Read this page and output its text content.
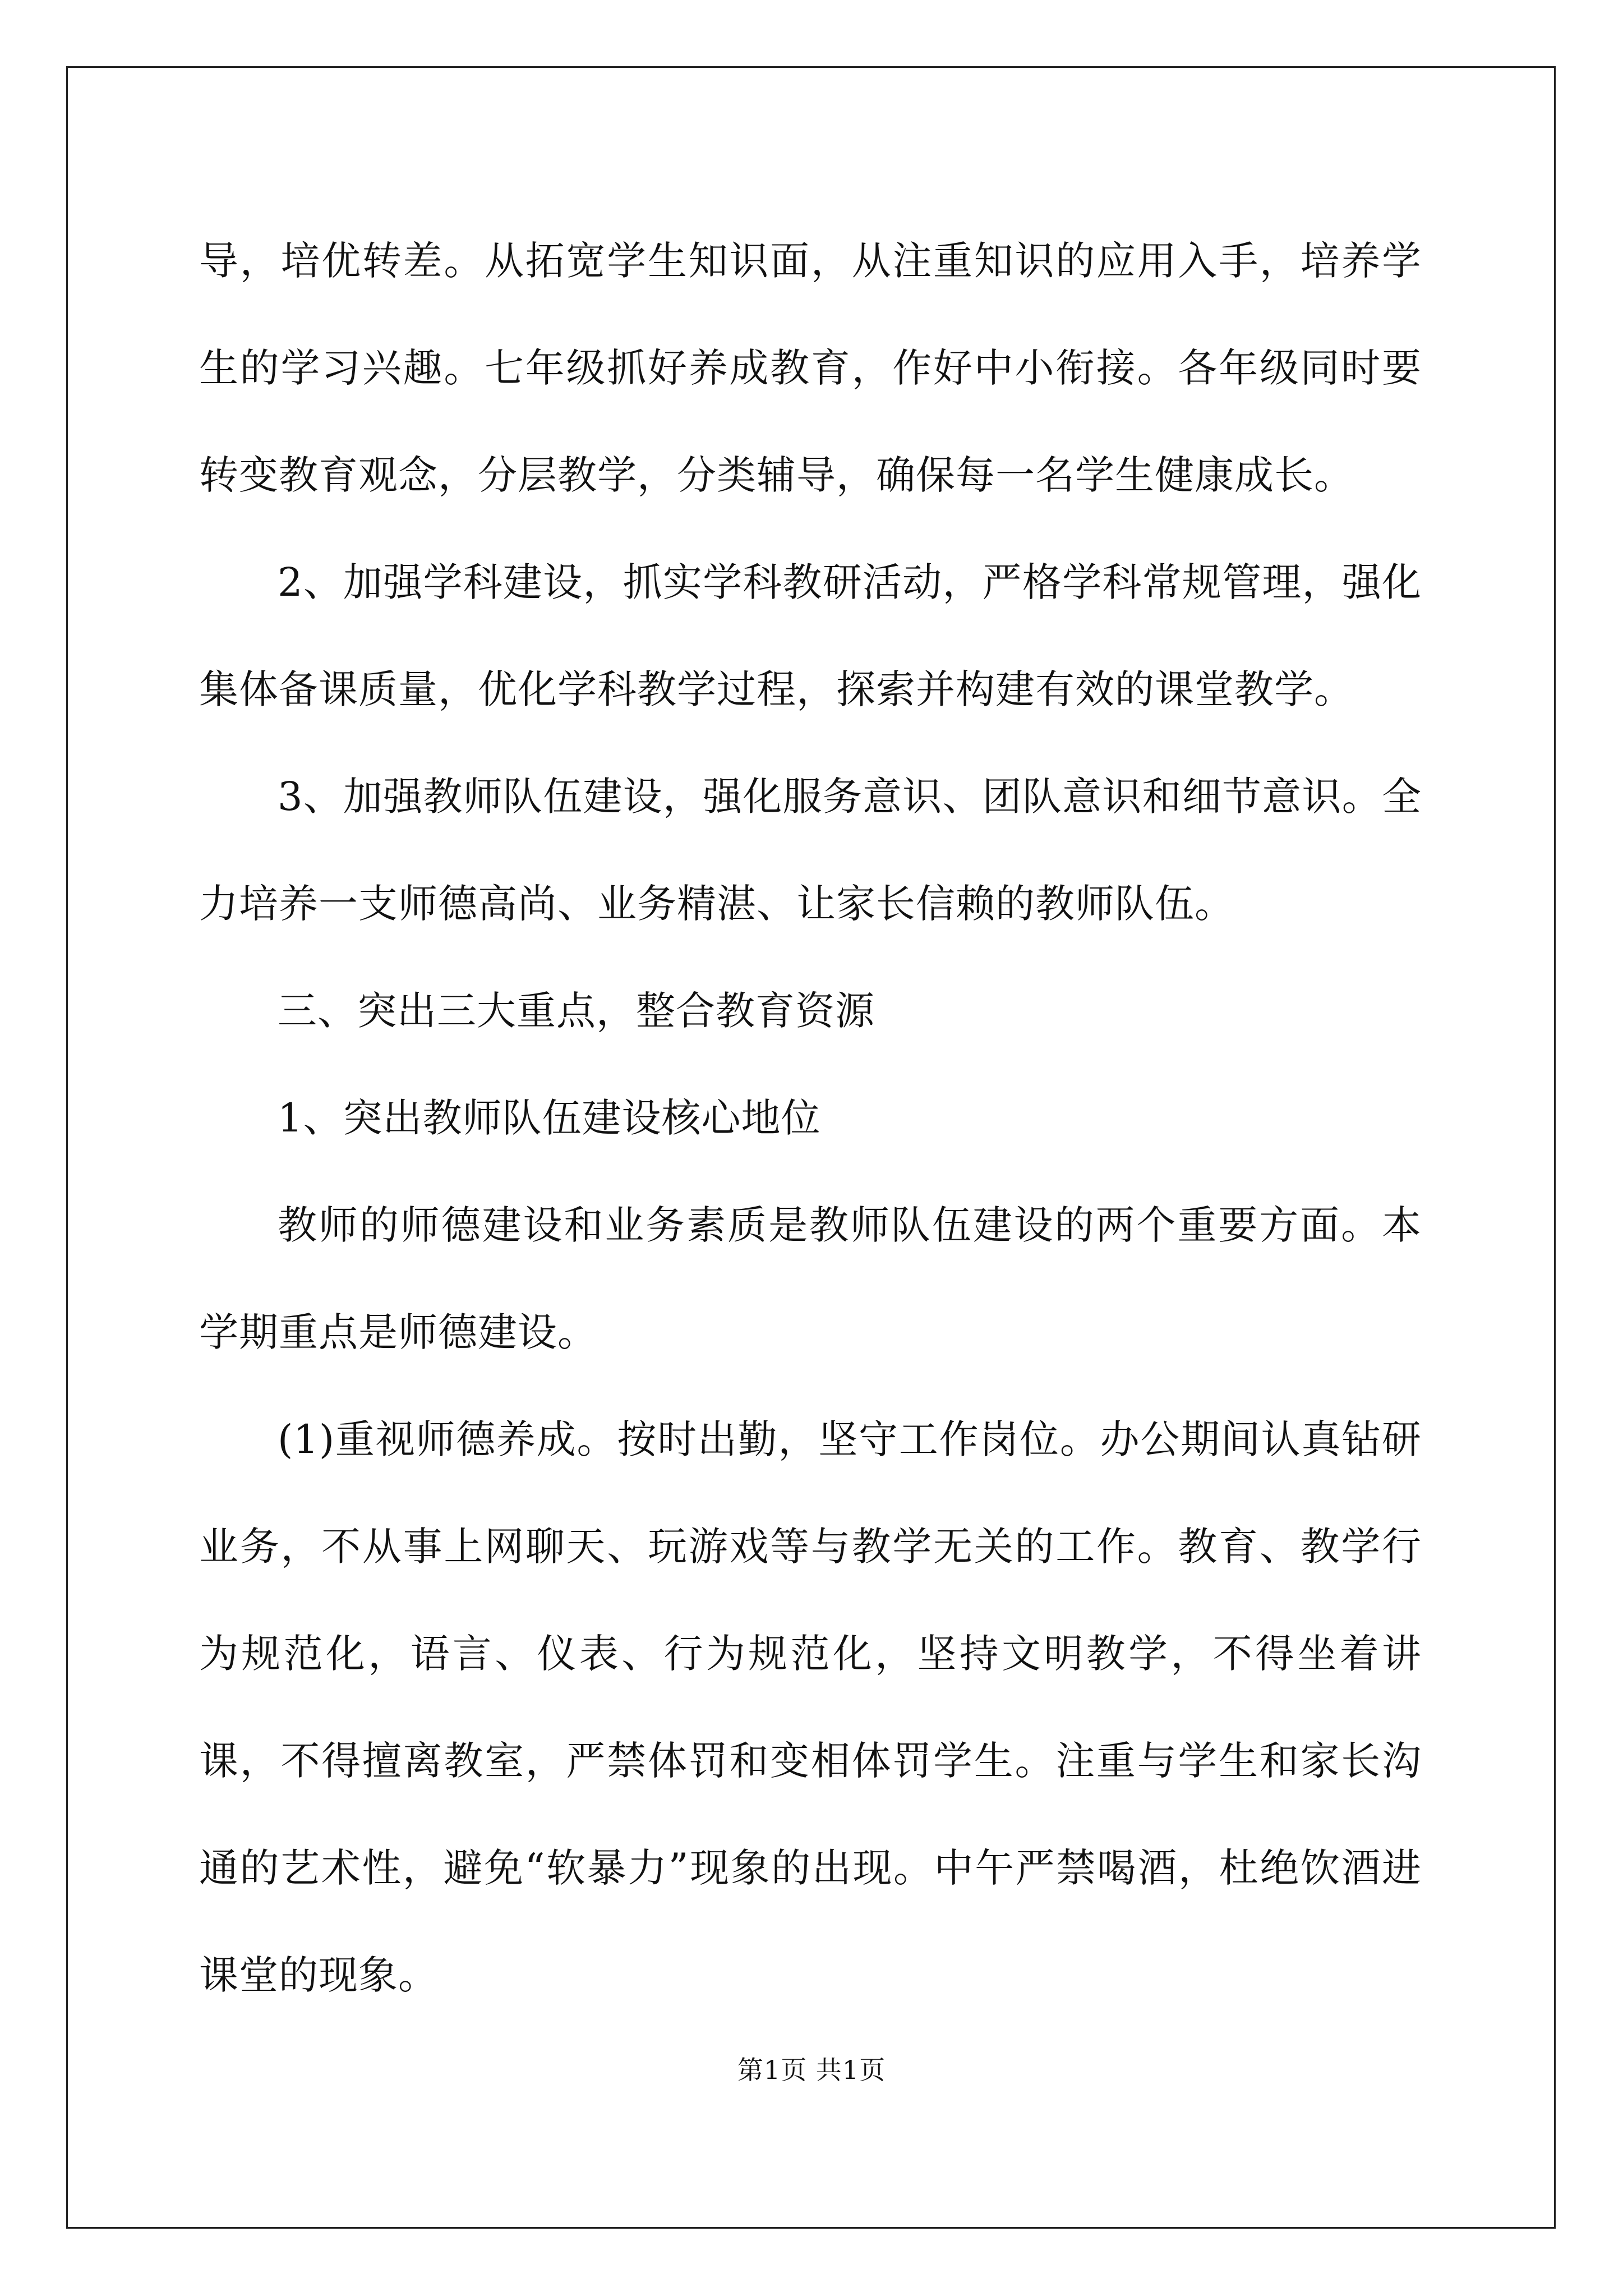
导，培优转差。从拓宽学生知识面，从注重知识的应用入手，培养学生的学习兴趣。七年级抓好养成教育，作好中小衔接。各年级同时要转变教育观念，分层教学，分类辅导，确保每一名学生健康成长。

2、加强学科建设，抓实学科教研活动，严格学科常规管理，强化集体备课质量，优化学科教学过程，探索并构建有效的课堂教学。

3、加强教师队伍建设，强化服务意识、团队意识和细节意识。全力培养一支师德高尚、业务精湛、让家长信赖的教师队伍。

三、突出三大重点，整合教育资源

1、突出教师队伍建设核心地位

教师的师德建设和业务素质是教师队伍建设的两个重要方面。本学期重点是师德建设。

(1)重视师德养成。按时出勤，坚守工作岗位。办公期间认真钻研业务，不从事上网聊天、玩游戏等与教学无关的工作。教育、教学行为规范化，语言、仪表、行为规范化，坚持文明教学，不得坐着讲课，不得擅离教室，严禁体罚和变相体罚学生。注重与学生和家长沟通的艺术性，避免“软暴力”现象的出现。中午严禁喝酒，杜绝饮酒进课堂的现象。

第1页 共1页
